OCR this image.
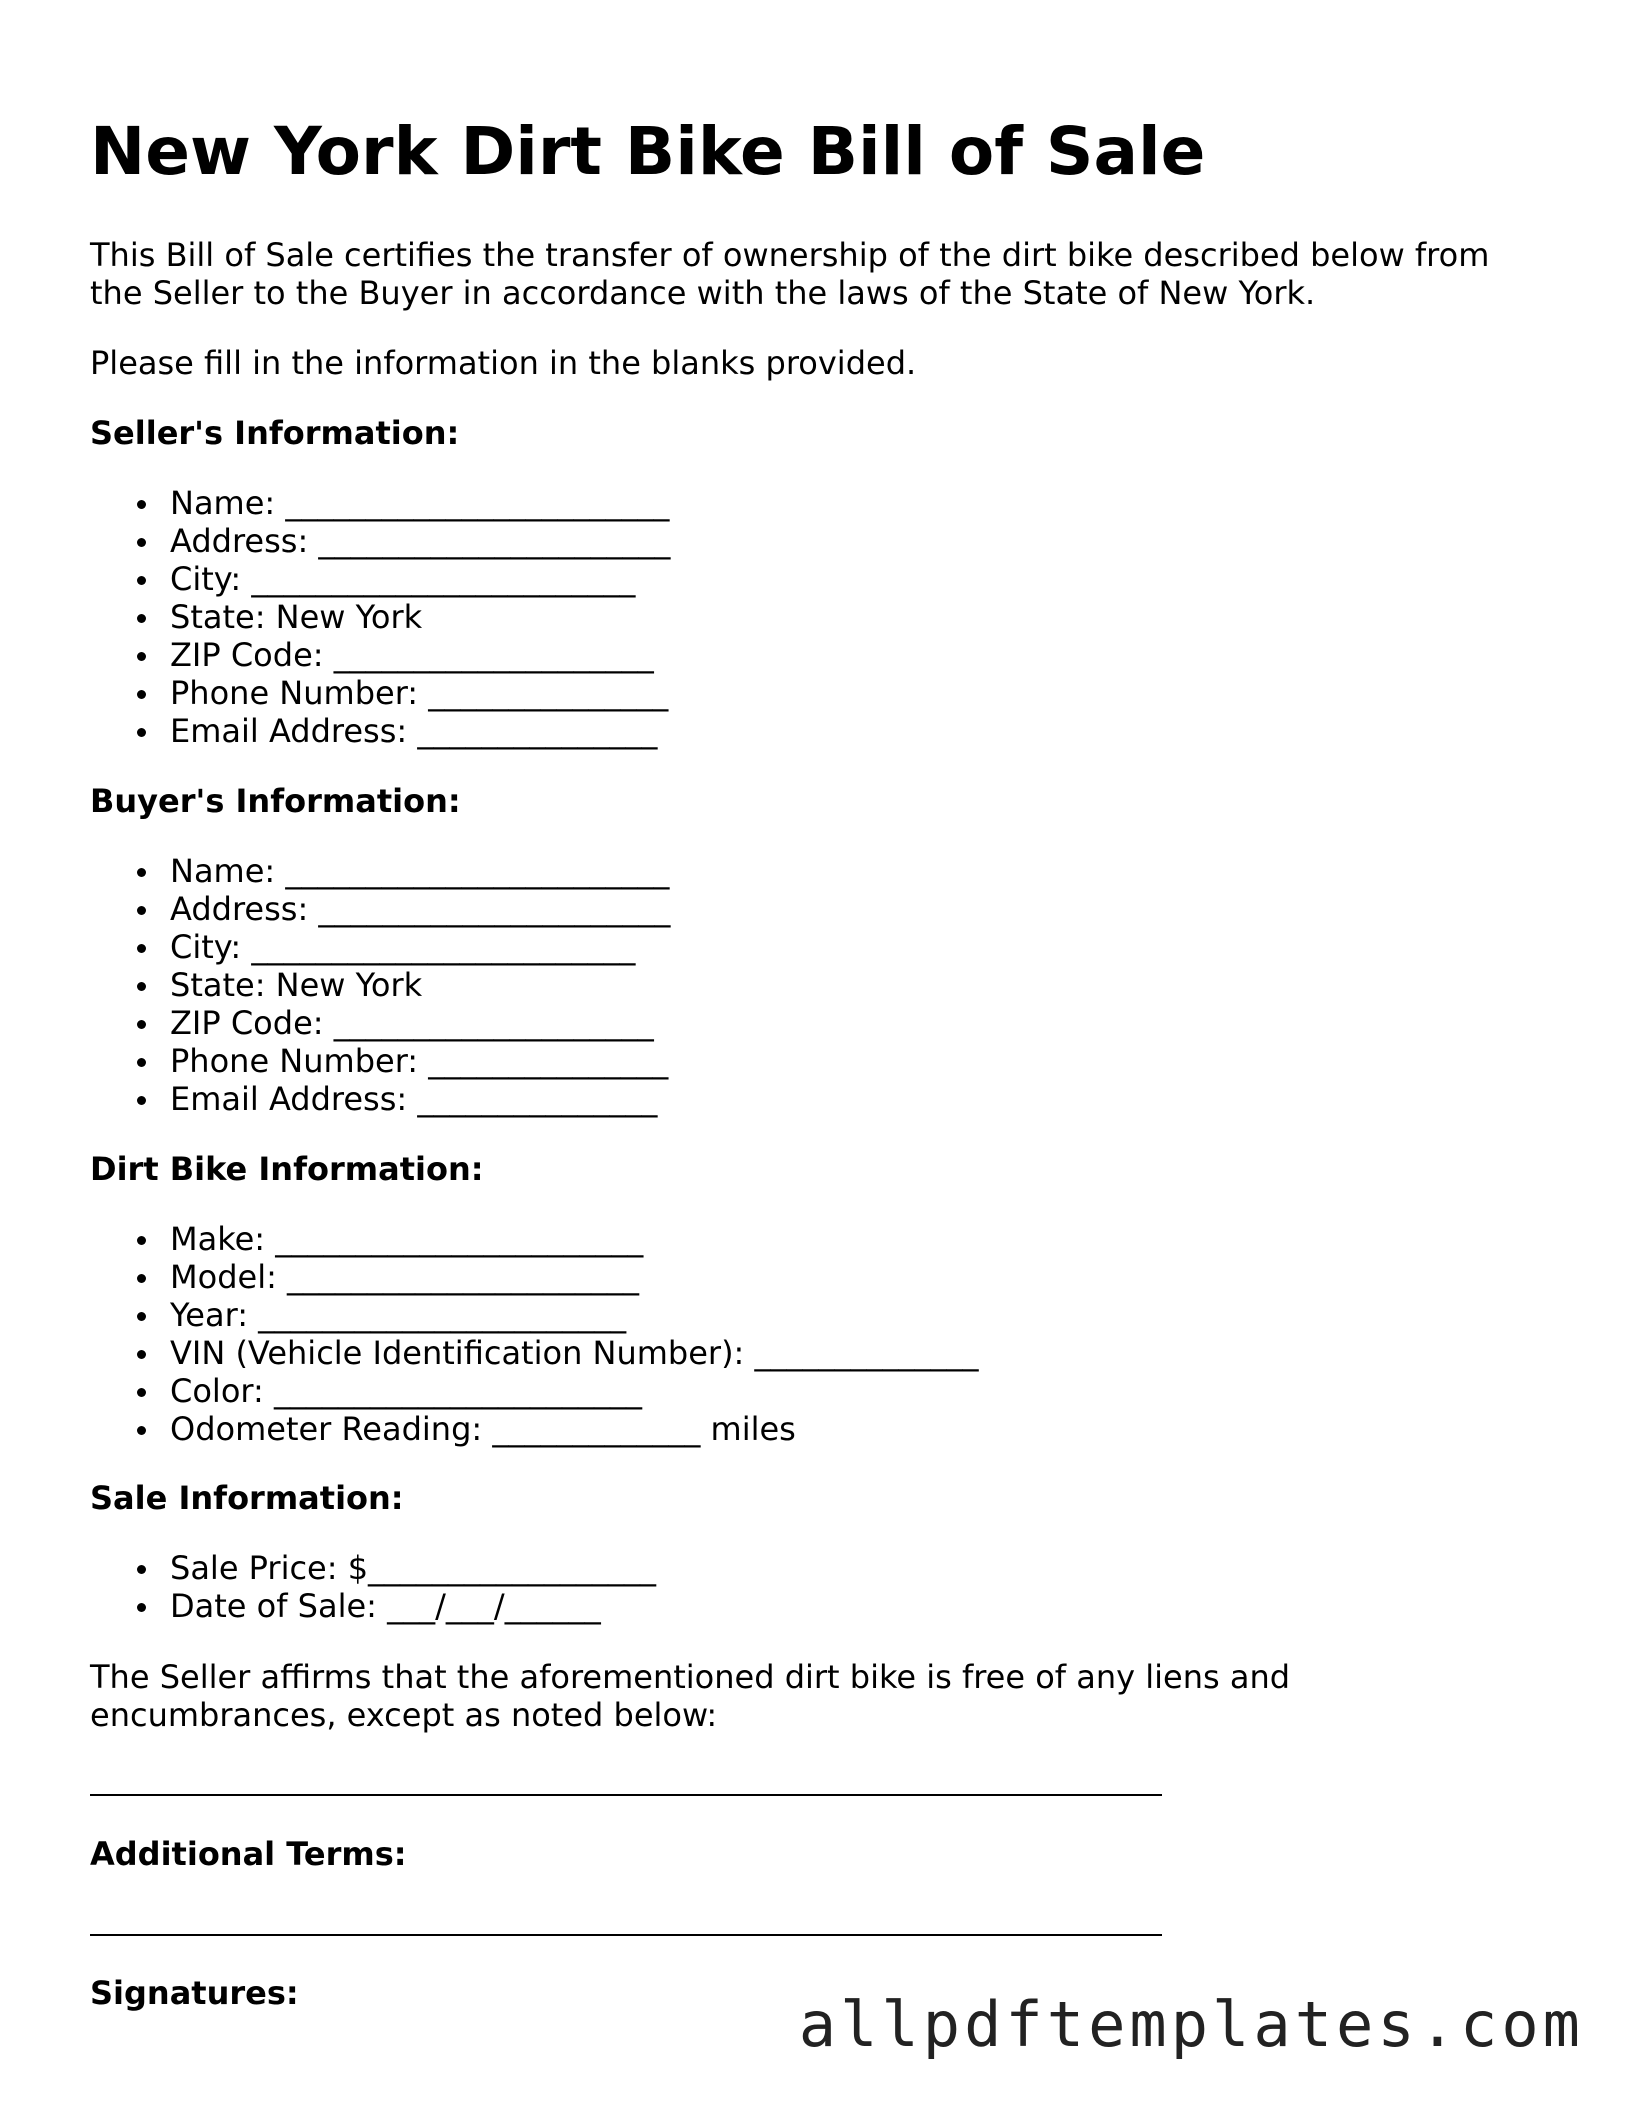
New York Dirt Bike Bill of Sale

This Bill of Sale certifies the transfer of ownership of the dirt bike described below from the Seller to the Buyer in accordance with the laws of the State of New York.

Please fill in the information in the blanks provided.

Seller's Information:

Name: ________________________
Address: ______________________
City: ________________________
State: New York
ZIP Code: ____________________
Phone Number: _______________
Email Address: _______________

Buyer's Information:

Name: ________________________
Address: ______________________
City: ________________________
State: New York
ZIP Code: ____________________
Phone Number: _______________
Email Address: _______________

Dirt Bike Information:

Make: _______________________
Model: ______________________
Year: _______________________
VIN (Vehicle Identification Number): ______________
Color: _______________________
Odometer Reading: _____________ miles

Sale Information:

Sale Price: $__________________
Date of Sale: ___/___/______

The Seller affirms that the aforementioned dirt bike is free of any liens and encumbrances, except as noted below:

Additional Terms:

Signatures:	allpdftemplates.com
